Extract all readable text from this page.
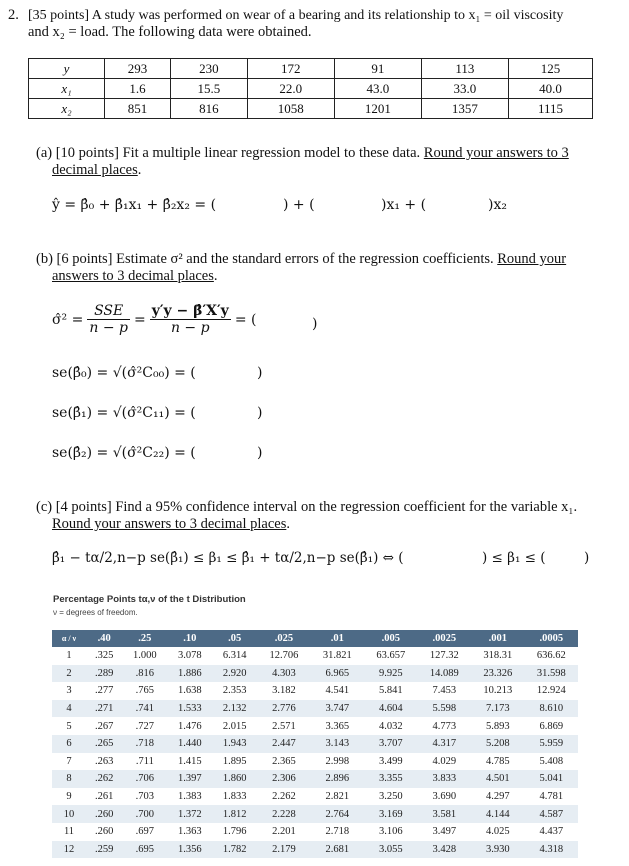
2. [35 points] A study was performed on wear of a bearing and its relationship to x₁ = oil viscosity
and x₂ = load. The following data were obtained.
y	293	230	172	91	113	125
x₁	1.6	15.5	22.0	43.0	33.0	40.0
x₂	851	816	1058	1201	1357	1115
(a) [10 points] Fit a multiple linear regression model to these data. Round your answers to 3
decimal places.
ŷ = β̂₀ + β̂₁x₁ + β̂₂x₂ = (	) + (	)x₁ + (	)x₂
(b) [6 points] Estimate σ² and the standard errors of the regression coefficients. Round your
answers to 3 decimal places.
σ̂² = $\frac{\text{SSE}}{n - p} = \frac{y'y - \betâ'X'y}{n - p}$ = (	)
se(β̂₀) = √(σ̂²C₀₀) = (	)
se(β̂₁) = √(σ̂²C₁₁) = (	)
se(β̂₂) = √(σ̂²C₂₂) = (	)
(c) [4 points] Find a 95% confidence interval on the regression coefficient for the variable x₁.
Round your answers to 3 decimal places.
β̂₁ − tα/2,n−p se(β̂₁) ≤ β₁ ≤ β̂₁ + tα/2,n−p se(β̂₁) ⇔ (	) ≤ β₁ ≤ (	)
Percentage Points tα,ν of the t Distribution
ν = degrees of freedom.
α / ν	.40	.25	.10	.05	.025	.01	.005	.0025	.001	.0005
1	.325	1.000	3.078	6.314	12.706	31.821	63.657	127.32	318.31	636.62
2	.289	.816	1.886	2.920	4.303	6.965	9.925	14.089	23.326	31.598
3	.277	.765	1.638	2.353	3.182	4.541	5.841	7.453	10.213	12.924
4	.271	.741	1.533	2.132	2.776	3.747	4.604	5.598	7.173	8.610
5	.267	.727	1.476	2.015	2.571	3.365	4.032	4.773	5.893	6.869
6	.265	.718	1.440	1.943	2.447	3.143	3.707	4.317	5.208	5.959
7	.263	.711	1.415	1.895	2.365	2.998	3.499	4.029	4.785	5.408
8	.262	.706	1.397	1.860	2.306	2.896	3.355	3.833	4.501	5.041
9	.261	.703	1.383	1.833	2.262	2.821	3.250	3.690	4.297	4.781
10	.260	.700	1.372	1.812	2.228	2.764	3.169	3.581	4.144	4.587
11	.260	.697	1.363	1.796	2.201	2.718	3.106	3.497	4.025	4.437
12	.259	.695	1.356	1.782	2.179	2.681	3.055	3.428	3.930	4.318
